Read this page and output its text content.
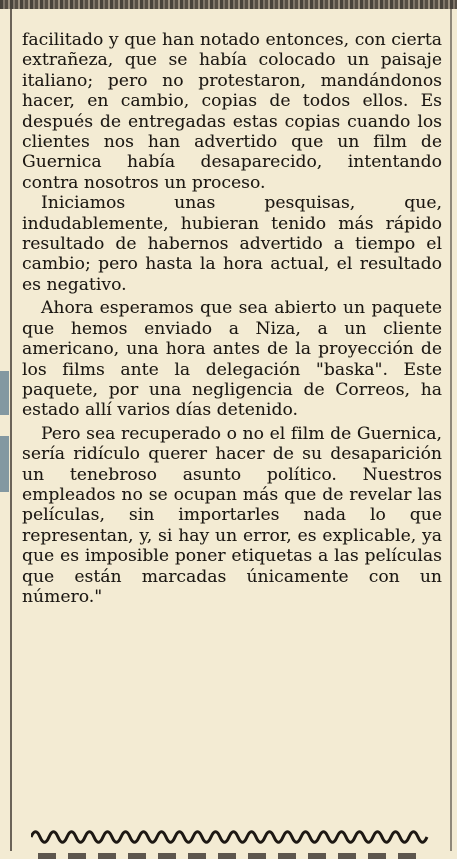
facilitado y que han notado entonces, con cierta extrañeza, que se había colocado un paisaje italiano; pero no protestaron, mandándonos hacer, en cambio, copias de todos ellos. Es después de entregadas estas copias cuando los clientes nos han advertido que un film de Guernica había desaparecido, intentando contra nosotros un proceso.

Iniciamos unas pesquisas, que, indudablemente, hubieran tenido más rápido resultado de habernos advertido a tiempo el cambio; pero hasta la hora actual, el resultado es negativo.

Ahora esperamos que sea abierto un paquete que hemos enviado a Niza, a un cliente americano, una hora antes de la proyección de los films ante la delegación "baska". Este paquete, por una negligencia de Correos, ha estado allí varios días detenido.

Pero sea recuperado o no el film de Guernica, sería ridículo querer hacer de su desaparición un tenebroso asunto político. Nuestros empleados no se ocupan más que de revelar las películas, sin importarles nada lo que representan, y, si hay un error, es explicable, ya que es imposible poner etiquetas a las películas que están marcadas únicamente con un número."
